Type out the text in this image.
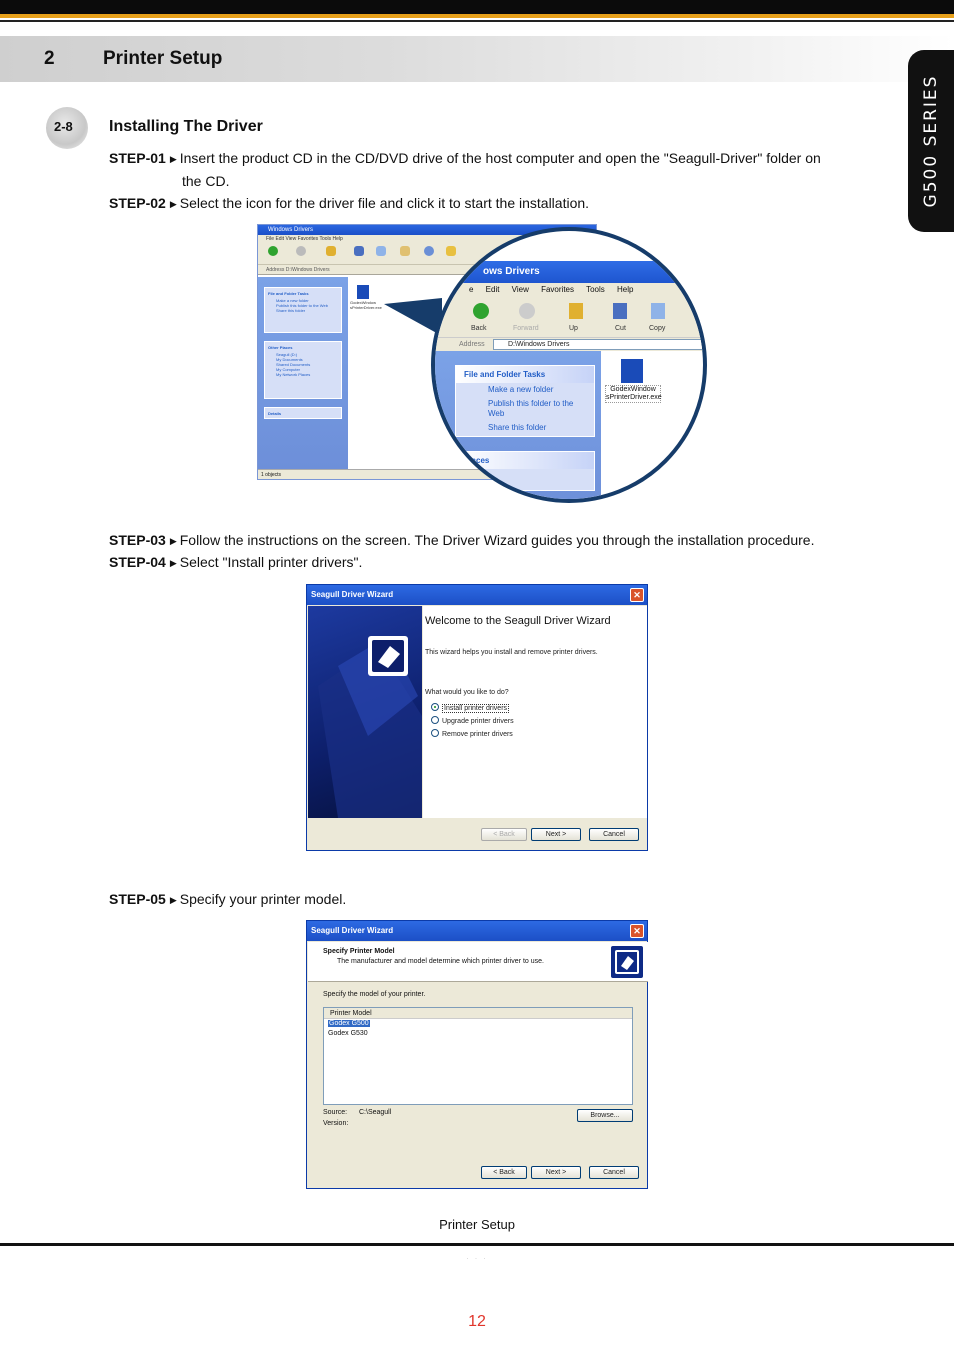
2	Printer Setup
G500 SERIES
2-8 Installing The Driver
STEP-01 ▶ Insert the product CD in the CD/DVD drive of the host computer and open the "Seagull-Driver" folder on
the CD.
STEP-02 ▶ Select the icon for the driver file and click it to start the installation.
Windows Drivers
File Edit View Favorites Tools Help
Address D:\Windows Drivers
File and Folder Tasks
Make a new folder
Publish this folder to the Web
Share this folder
Other Places
Seagull (D:)
My Documents
Shared Documents
My Computer
My Network Places
Details
GodexWindow sPrinterDriver.exe
1 objects
ows Drivers
e Edit View Favorites Tools Help
Back	Forward	Up	Cut	Copy
Address	D:\Windows Drivers
File and Folder Tasks
Make a new folder
Publish this folder to the Web
Share this folder
Places
GodexWindow sPrinterDriver.exe
STEP-03 ▶ Follow the instructions on the screen. The Driver Wizard guides you through the installation procedure.
STEP-04 ▶ Select "Install printer drivers".
Seagull Driver Wizard	✕
Welcome to the Seagull Driver Wizard
This wizard helps you install and remove printer drivers.
What would you like to do?
Install printer drivers
Upgrade printer drivers
Remove printer drivers
< Back	Next >	Cancel
STEP-05 ▶ Specify your printer model.
Seagull Driver Wizard	✕
Specify Printer Model
The manufacturer and model determine which printer driver to use.
Specify the model of your printer.
Printer Model
Godex G500
Godex G530
Source: C:\Seagull
Version:
Browse...
< Back	Next >	Cancel
Printer Setup
. . .
12
